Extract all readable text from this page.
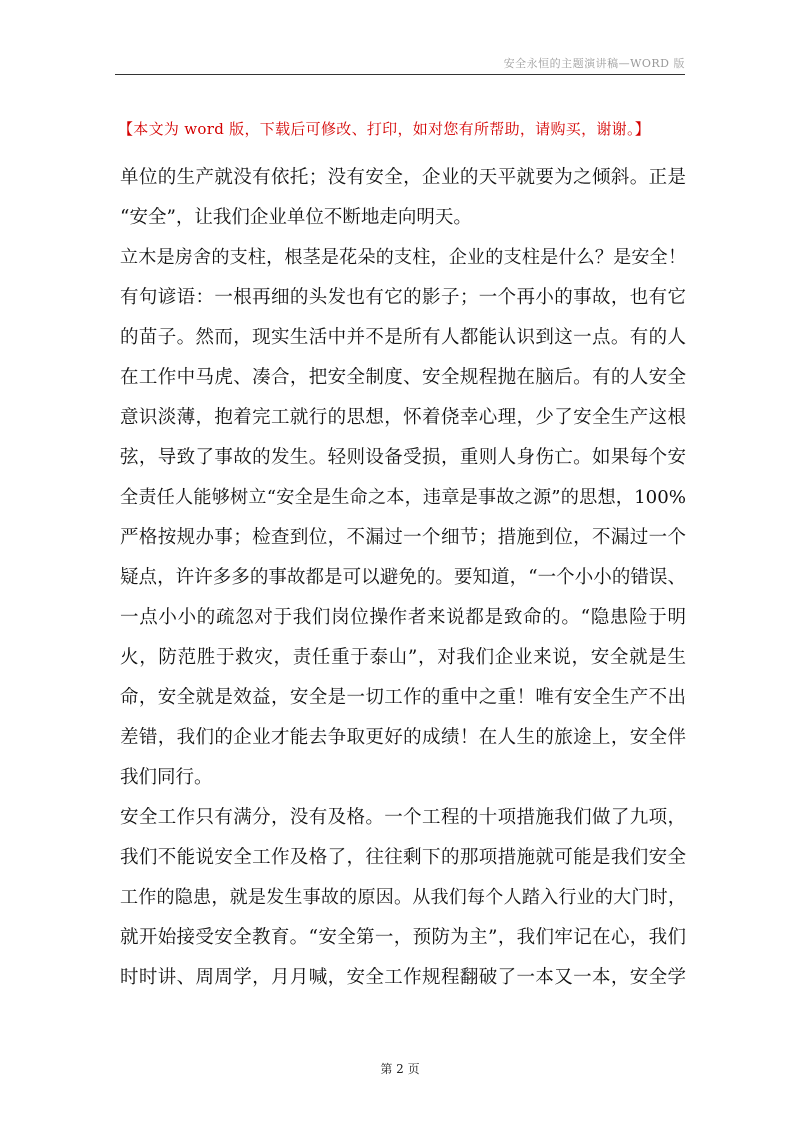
安全永恒的主题演讲稿—WORD 版
【本文为 word 版，下载后可修改、打印，如对您有所帮助，请购买，谢谢。】
单位的生产就没有依托；没有安全，企业的天平就要为之倾斜。正是
“安全”，让我们企业单位不断地走向明天。
立木是房舍的支柱，根茎是花朵的支柱，企业的支柱是什么？是安全！
有句谚语：一根再细的头发也有它的影子；一个再小的事故，也有它
的苗子。然而，现实生活中并不是所有人都能认识到这一点。有的人
在工作中马虎、凑合，把安全制度、安全规程抛在脑后。有的人安全
意识淡薄，抱着完工就行的思想，怀着侥幸心理，少了安全生产这根
弦，导致了事故的发生。轻则设备受损，重则人身伤亡。如果每个安
全责任人能够树立“安全是生命之本，违章是事故之源”的思想，100%
严格按规办事；检查到位，不漏过一个细节；措施到位，不漏过一个
疑点，许许多多的事故都是可以避免的。要知道，“一个小小的错误、
一点小小的疏忽对于我们岗位操作者来说都是致命的。“隐患险于明
火，防范胜于救灾，责任重于泰山”，对我们企业来说，安全就是生
命，安全就是效益，安全是一切工作的重中之重！唯有安全生产不出
差错，我们的企业才能去争取更好的成绩！在人生的旅途上，安全伴
我们同行。
安全工作只有满分，没有及格。一个工程的十项措施我们做了九项，
我们不能说安全工作及格了，往往剩下的那项措施就可能是我们安全
工作的隐患，就是发生事故的原因。从我们每个人踏入行业的大门时，
就开始接受安全教育。“安全第一，预防为主”，我们牢记在心，我们
时时讲、周周学，月月喊，安全工作规程翻破了一本又一本，安全学
第 2 页
